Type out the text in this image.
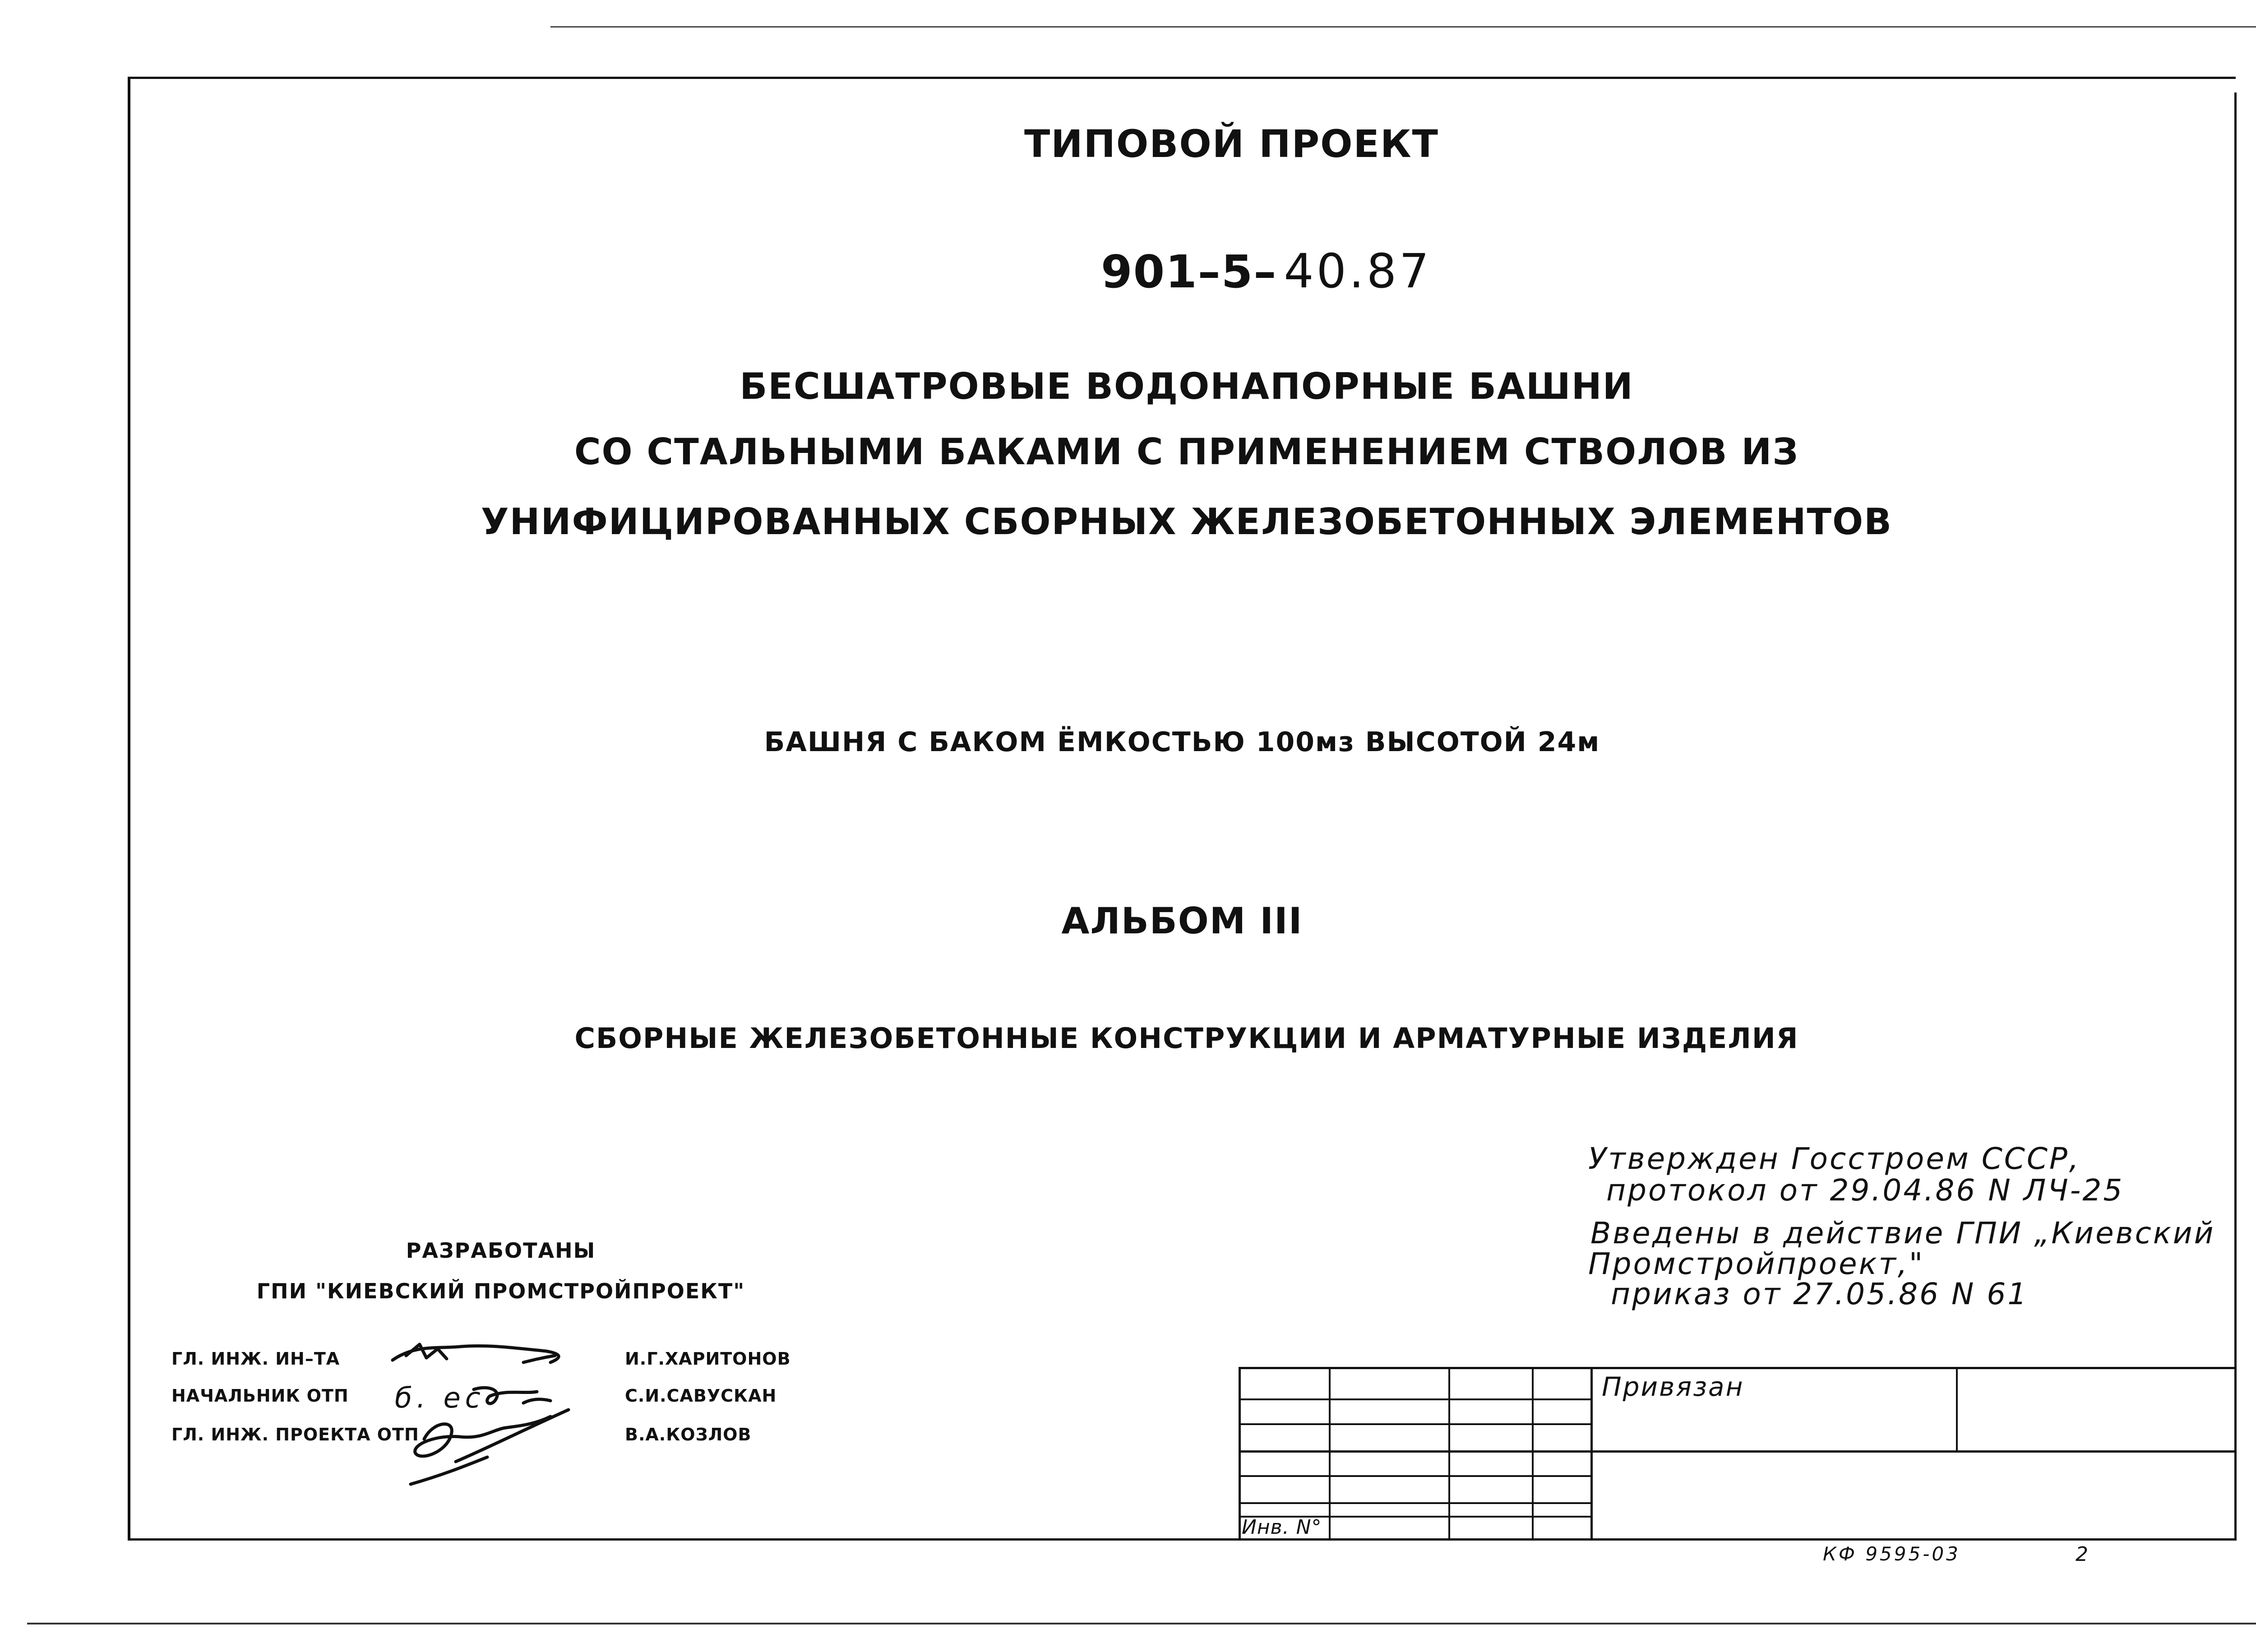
ТИПОВОЙ ПРОЕКТ
901–5– 40.87
БЕСШАТРОВЫЕ ВОДОНАПОРНЫЕ БАШНИ
СО СТАЛЬНЫМИ БАКАМИ С ПРИМЕНЕНИЕМ СТВОЛОВ ИЗ
УНИФИЦИРОВАННЫХ СБОРНЫХ ЖЕЛЕЗОБЕТОННЫХ ЭЛЕМЕНТОВ
БАШНЯ С БАКОМ ЁМКОСТЬЮ 100мз ВЫСОТОЙ 24м
АЛЬБОМ III
СБОРНЫЕ ЖЕЛЕЗОБЕТОННЫЕ КОНСТРУКЦИИ И АРМАТУРНЫЕ ИЗДЕЛИЯ
Утвержден Госстроем СССР,
протокол от 29.04.86 N ЛЧ-25
Введены в действие ГПИ „Киевский
Промстройпроект,"
приказ от 27.05.86 N 61
РАЗРАБОТАНЫ
ГПИ "КИЕВСКИЙ ПРОМСТРОЙПРОЕКТ"
ГЛ. ИНЖ. ИН–ТА
НАЧАЛЬНИК ОТП
ГЛ. ИНЖ. ПРОЕКТА ОТП
И.Г.ХАРИТОНОВ
С.И.САВУСКАН
В.А.КОЗЛОВ
б. ес	Привязан
Инв. N°
КФ 9595-03	2
